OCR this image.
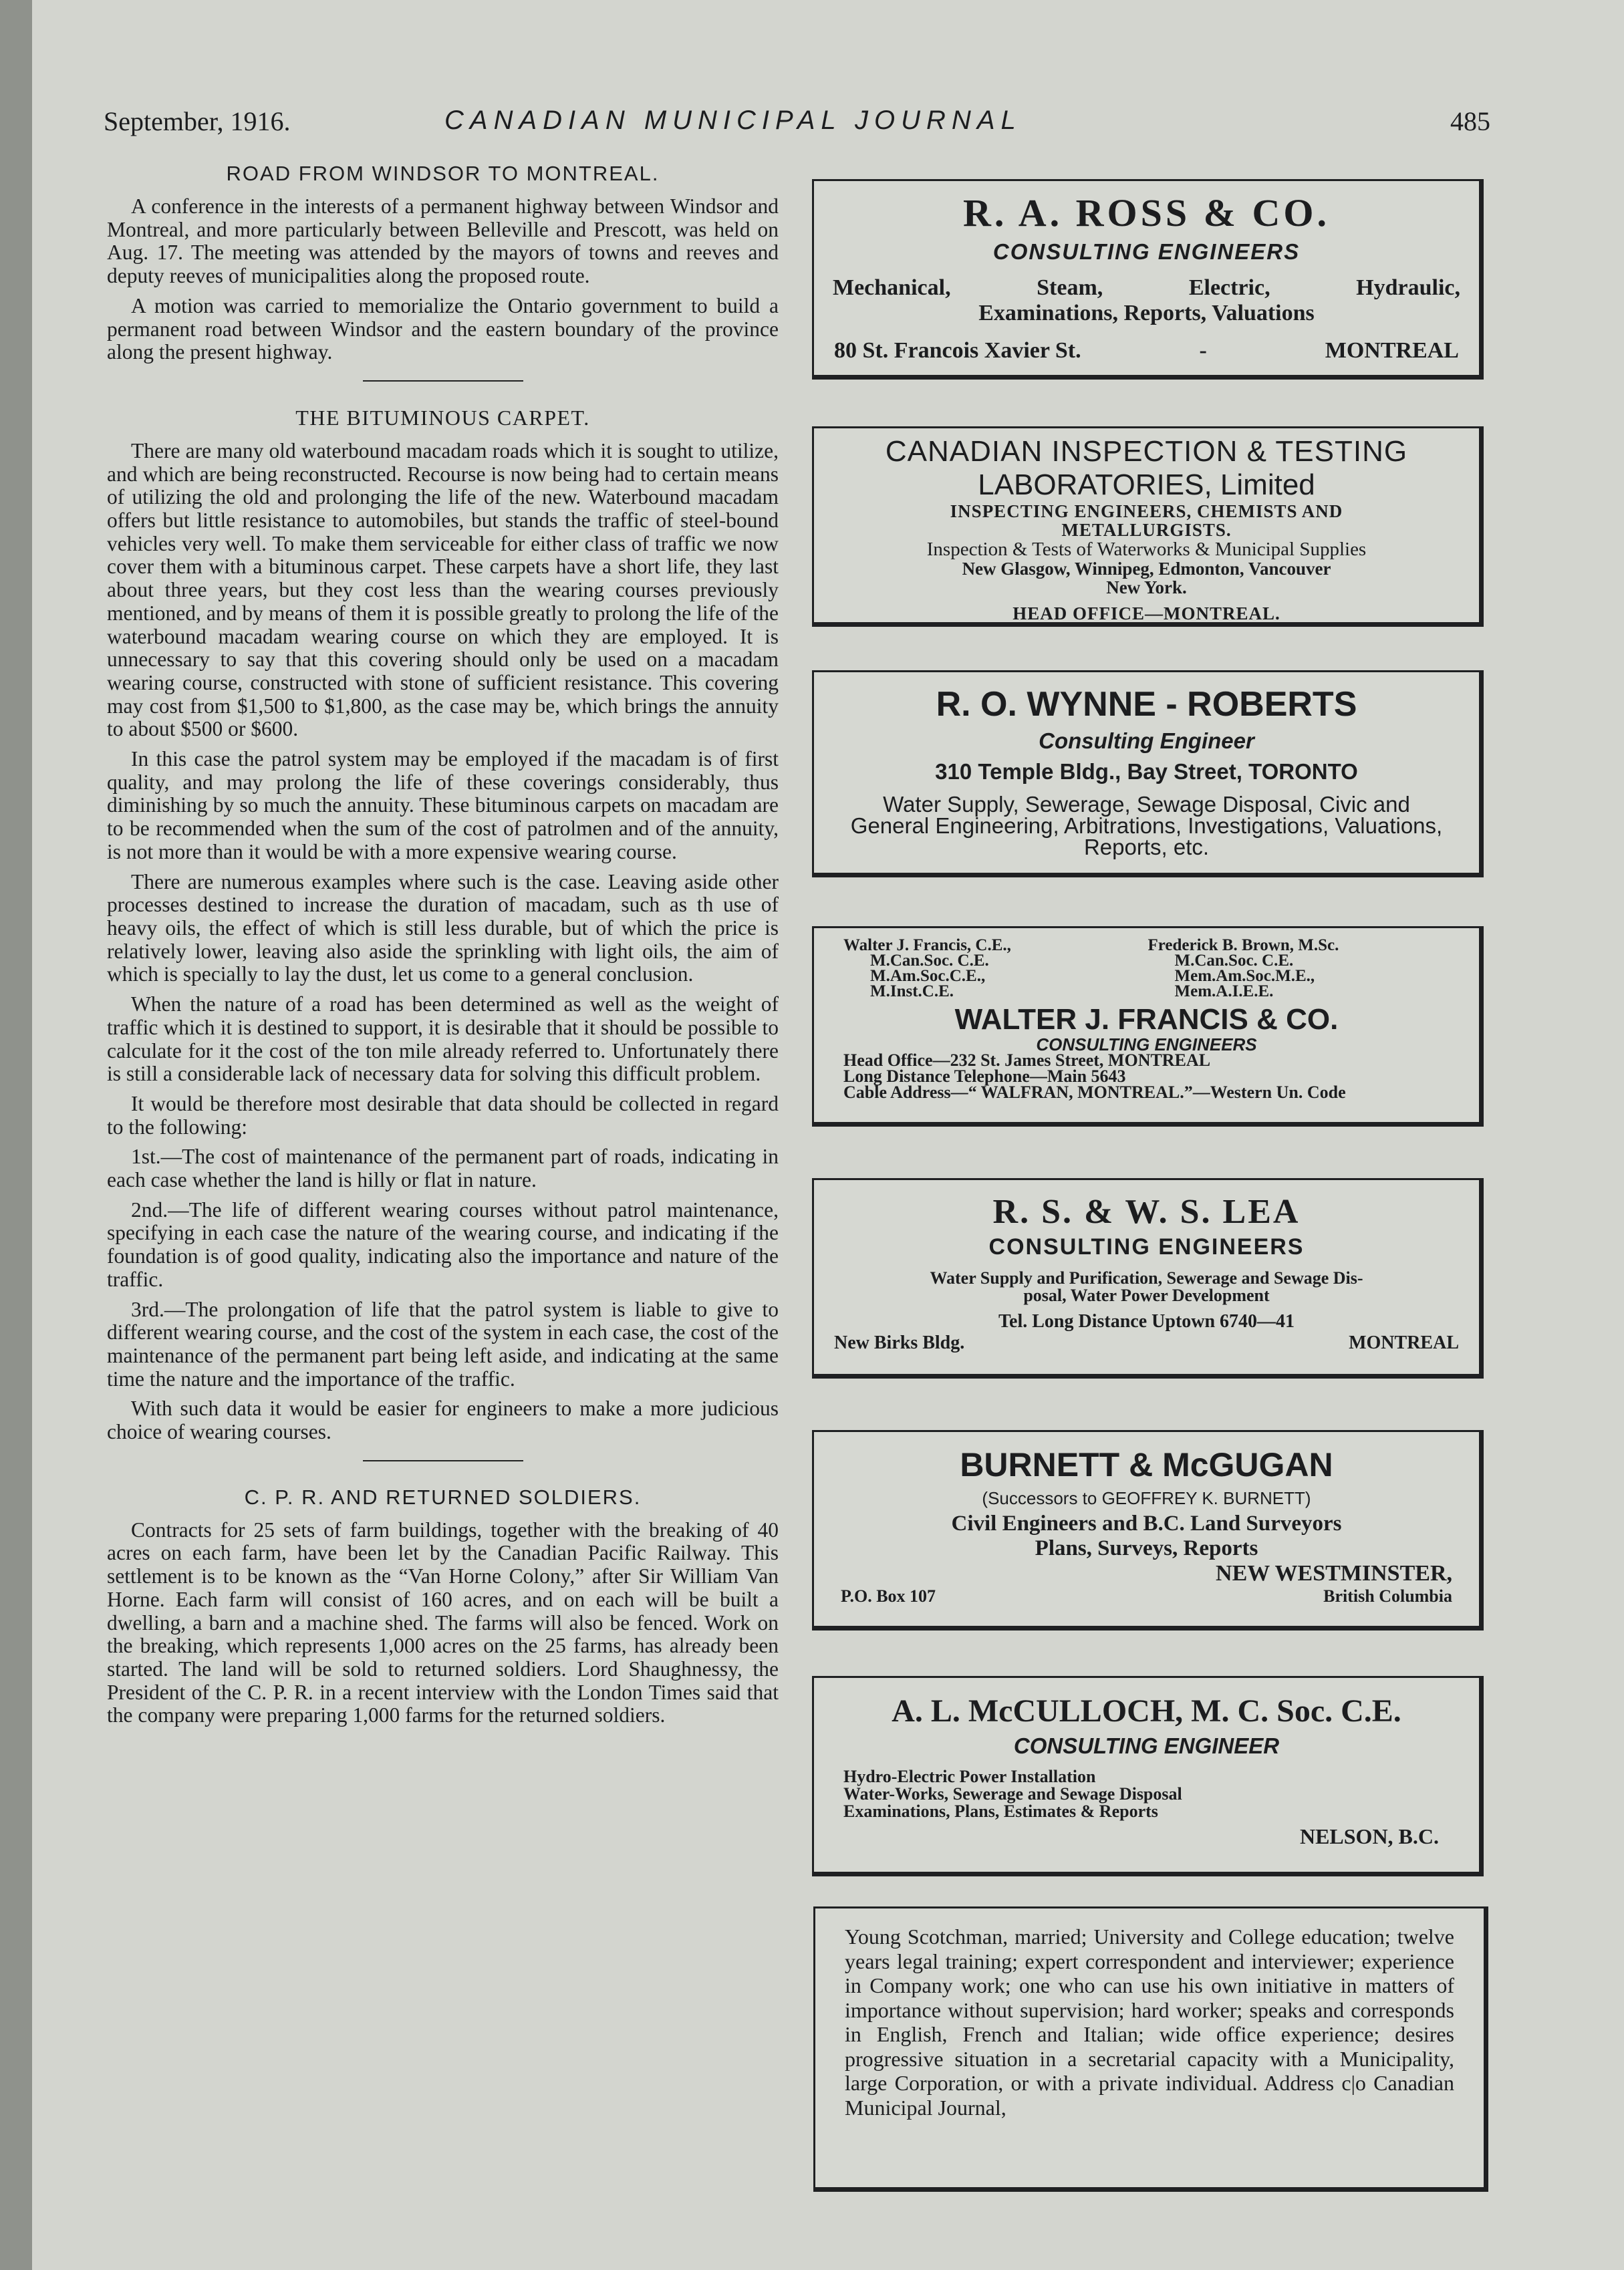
September, 1916.	CANADIAN MUNICIPAL JOURNAL	485
ROAD FROM WINDSOR TO MONTREAL.

A conference in the interests of a permanent highway between Windsor and Montreal, and more particularly between Belleville and Prescott, was held on Aug. 17. The meeting was attended by the mayors of towns and reeves and deputy reeves of municipalities along the proposed route.

A motion was carried to memorialize the Ontario government to build a permanent road between Windsor and the eastern boundary of the province along the present highway.

THE BITUMINOUS CARPET.

There are many old waterbound macadam roads which it is sought to utilize, and which are being reconstructed. Recourse is now being had to certain means of utilizing the old and prolonging the life of the new. Waterbound macadam offers but little resistance to automobiles, but stands the traffic of steel-bound vehicles very well. To make them serviceable for either class of traffic we now cover them with a bituminous carpet. These carpets have a short life, they last about three years, but they cost less than the wearing courses previously mentioned, and by means of them it is possible greatly to prolong the life of the waterbound macadam wearing course on which they are employed. It is unnecessary to say that this covering should only be used on a macadam wearing course, constructed with stone of sufficient resistance. This covering may cost from $1,500 to $1,800, as the case may be, which brings the annuity to about $500 or $600.

In this case the patrol system may be employed if the macadam is of first quality, and may prolong the life of these coverings considerably, thus diminishing by so much the annuity. These bituminous carpets on macadam are to be recommended when the sum of the cost of patrolmen and of the annuity, is not more than it would be with a more expensive wearing course.

There are numerous examples where such is the case. Leaving aside other processes destined to increase the duration of macadam, such as th use of heavy oils, the effect of which is still less durable, but of which the price is relatively lower, leaving also aside the sprinkling with light oils, the aim of which is specially to lay the dust, let us come to a general conclusion.

When the nature of a road has been determined as well as the weight of traffic which it is destined to support, it is desirable that it should be possible to calculate for it the cost of the ton mile already referred to. Unfortunately there is still a considerable lack of necessary data for solving this difficult problem.

It would be therefore most desirable that data should be collected in regard to the following:

1st.—The cost of maintenance of the permanent part of roads, indicating in each case whether the land is hilly or flat in nature.

2nd.—The life of different wearing courses without patrol maintenance, specifying in each case the nature of the wearing course, and indicating if the foundation is of good quality, indicating also the importance and nature of the traffic.

3rd.—The prolongation of life that the patrol system is liable to give to different wearing course, and the cost of the system in each case, the cost of the maintenance of the permanent part being left aside, and indicating at the same time the nature and the importance of the traffic.

With such data it would be easier for engineers to make a more judicious choice of wearing courses.

C. P. R. AND RETURNED SOLDIERS.

Contracts for 25 sets of farm buildings, together with the breaking of 40 acres on each farm, have been let by the Canadian Pacific Railway. This settlement is to be known as the “Van Horne Colony,” after Sir William Van Horne. Each farm will consist of 160 acres, and on each will be built a dwelling, a barn and a machine shed. The farms will also be fenced. Work on the breaking, which represents 1,000 acres on the 25 farms, has already been started. The land will be sold to returned soldiers. Lord Shaughnessy, the President of the C. P. R. in a recent interview with the London Times said that the company were preparing 1,000 farms for the returned soldiers.

R. A. ROSS & CO.
CONSULTING ENGINEERS
Mechanical,	Steam,	Electric,	Hydraulic,
Examinations, Reports, Valuations
80 St. Francois Xavier St.	-	MONTREAL
CANADIAN INSPECTION & TESTING
LABORATORIES, Limited
INSPECTING ENGINEERS, CHEMISTS AND
METALLURGISTS.
Inspection & Tests of Waterworks & Municipal Supplies
New Glasgow, Winnipeg, Edmonton, Vancouver
New York.
HEAD OFFICE—MONTREAL.
R. O. WYNNE - ROBERTS
Consulting Engineer
310 Temple Bldg., Bay Street, TORONTO
Water Supply, Sewerage, Sewage Disposal, Civic and General Engineering, Arbitrations, Investigations, Valuations, Reports, etc.
Walter J. Francis, C.E.,
M.Can.Soc. C.E.
M.Am.Soc.C.E.,
M.Inst.C.E.
Frederick B. Brown, M.Sc.
M.Can.Soc. C.E.
Mem.Am.Soc.M.E.,
Mem.A.I.E.E.
WALTER J. FRANCIS & CO.
CONSULTING ENGINEERS
Head Office—232 St. James Street, MONTREAL
Long Distance Telephone—Main 5643
Cable Address—“ WALFRAN, MONTREAL.”—Western Un. Code
R. S. & W. S. LEA
CONSULTING ENGINEERS
Water Supply and Purification, Sewerage and Sewage Dis-
posal, Water Power Development
Tel. Long Distance Uptown 6740—41
New Birks Bldg.	MONTREAL
BURNETT & McGUGAN
(Successors to GEOFFREY K. BURNETT)
Civil Engineers and B.C. Land Surveyors
Plans, Surveys, Reports
NEW WESTMINSTER,
P.O. Box 107	British Columbia
A. L. McCULLOCH, M. C. Soc. C.E.
CONSULTING ENGINEER
Hydro-Electric Power Installation
Water-Works, Sewerage and Sewage Disposal
Examinations, Plans, Estimates & Reports
NELSON, B.C.
Young Scotchman, married; University and College education; twelve years legal training; expert correspondent and interviewer; experience in Company work; one who can use his own initiative in matters of importance without supervision; hard worker; speaks and corresponds in English, French and Italian; wide office experience; desires progressive situation in a secretarial capacity with a Municipality, large Corporation, or with a private individual. Address c|o Canadian Municipal Journal,
